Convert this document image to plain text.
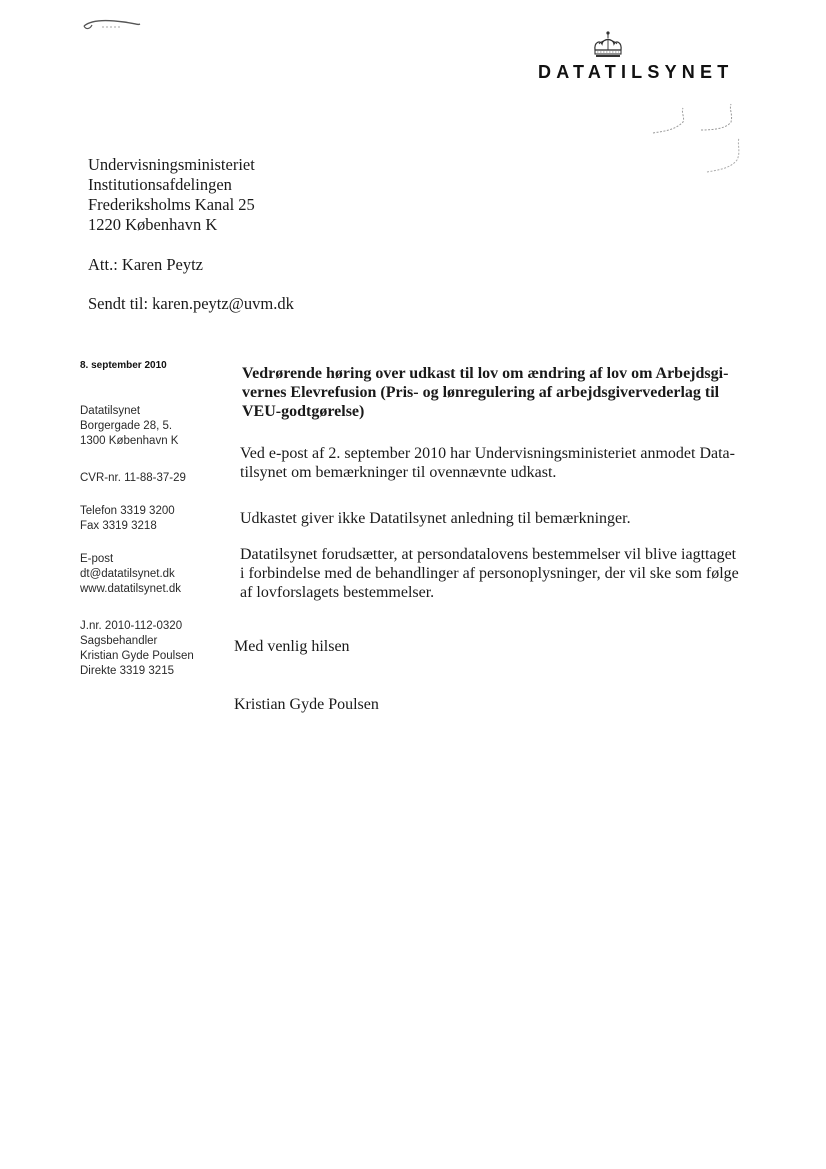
DATATILSYNET
Undervisningsministeriet
Institutionsafdelingen
Frederiksholms Kanal 25
1220 København K
Att.: Karen Peytz
Sendt til: karen.peytz@uvm.dk
8. september 2010
Datatilsynet
Borgergade 28, 5.
1300 København K
CVR-nr. 11-88-37-29
Telefon 3319 3200
Fax 3319 3218
E-post
dt@datatilsynet.dk
www.datatilsynet.dk
J.nr. 2010-112-0320
Sagsbehandler
Kristian Gyde Poulsen
Direkte 3319 3215
Vedrørende høring over udkast til lov om ændring af lov om Arbejdsgi-
vernes Elevrefusion (Pris- og lønregulering af arbejdsgivervederlag til
VEU-godtgørelse)
Ved e-post af 2. september 2010 har Undervisningsministeriet anmodet Data-
tilsynet om bemærkninger til ovennævnte udkast.
Udkastet giver ikke Datatilsynet anledning til bemærkninger.
Datatilsynet forudsætter, at persondatalovens bestemmelser vil blive iagttaget
i forbindelse med de behandlinger af personoplysninger, der vil ske som følge
af lovforslagets bestemmelser.
Med venlig hilsen
Kristian Gyde Poulsen
